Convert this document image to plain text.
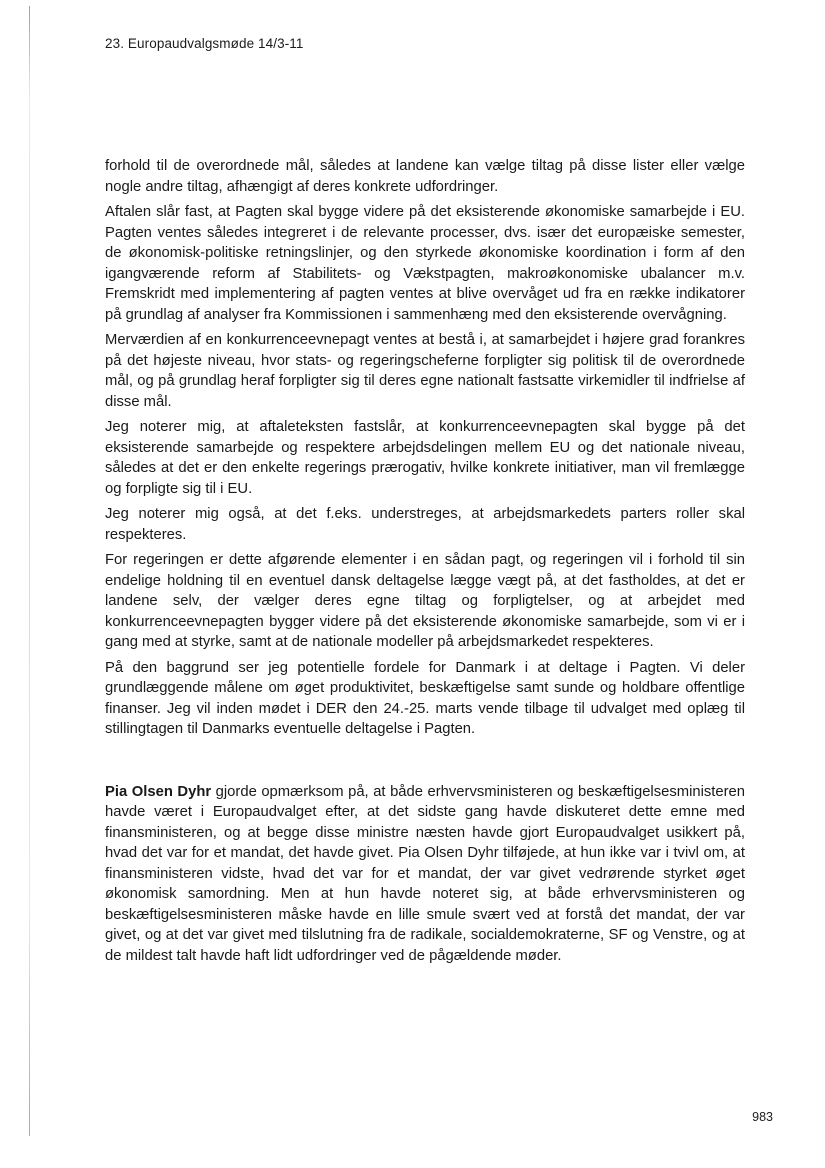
23. Europaudvalgsmøde 14/3-11

forhold til de overordnede mål, således at landene kan vælge tiltag på disse lister eller vælge nogle andre tiltag, afhængigt af deres konkrete udfordringer.

Aftalen slår fast, at Pagten skal bygge videre på det eksisterende økonomiske samarbejde i EU. Pagten ventes således integreret i de relevante processer, dvs. især det europæiske semester, de økonomisk-politiske retningslinjer, og den styrkede økonomiske koordination i form af den igangværende reform af Stabilitets- og Vækstpagten, makroøkonomiske ubalancer m.v. Fremskridt med implementering af pagten ventes at blive overvåget ud fra en række indikatorer på grundlag af analyser fra Kommissionen i sammenhæng med den eksisterende overvågning.

Merværdien af en konkurrenceevnepagt ventes at bestå i, at samarbejdet i højere grad forankres på det højeste niveau, hvor stats- og regeringscheferne forpligter sig politisk til de overordnede mål, og på grundlag heraf forpligter sig til deres egne nationalt fastsatte virkemidler til indfrielse af disse mål.

Jeg noterer mig, at aftaleteksten fastslår, at konkurrenceevnepagten skal bygge på det eksisterende samarbejde og respektere arbejdsdelingen mellem EU og det nationale niveau, således at det er den enkelte regerings prærogativ, hvilke konkrete initiativer, man vil fremlægge og forpligte sig til i EU.

Jeg noterer mig også, at det f.eks. understreges, at arbejdsmarkedets parters roller skal respekteres.

For regeringen er dette afgørende elementer i en sådan pagt, og regeringen vil i forhold til sin endelige holdning til en eventuel dansk deltagelse lægge vægt på, at det fastholdes, at det er landene selv, der vælger deres egne tiltag og forpligtelser, og at arbejdet med konkurrenceevnepagten bygger videre på det eksisterende økonomiske samarbejde, som vi er i gang med at styrke, samt at de nationale modeller på arbejdsmarkedet respekteres.

På den baggrund ser jeg potentielle fordele for Danmark i at deltage i Pagten. Vi deler grundlæggende målene om øget produktivitet, beskæftigelse samt sunde og holdbare offentlige finanser. Jeg vil inden mødet i DER den 24.-25. marts vende tilbage til udvalget med oplæg til stillingtagen til Danmarks eventuelle deltagelse i Pagten.

Pia Olsen Dyhr gjorde opmærksom på, at både erhvervsministeren og beskæftigelsesministeren havde været i Europaudvalget efter, at det sidste gang havde diskuteret dette emne med finansministeren, og at begge disse ministre næsten havde gjort Europaudvalget usikkert på, hvad det var for et mandat, det havde givet. Pia Olsen Dyhr tilføjede, at hun ikke var i tvivl om, at finansministeren vidste, hvad det var for et mandat, der var givet vedrørende styrket øget økonomisk samordning. Men at hun havde noteret sig, at både erhvervsministeren og beskæftigelsesministeren måske havde en lille smule svært ved at forstå det mandat, der var givet, og at det var givet med tilslutning fra de radikale, socialdemokraterne, SF og Venstre, og at de mildest talt havde haft lidt udfordringer ved de pågældende møder.

983
